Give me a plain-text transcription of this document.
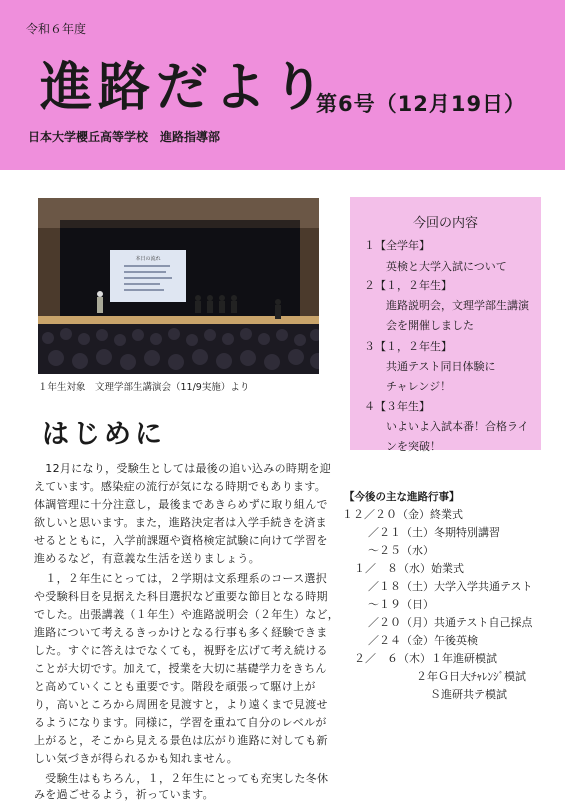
令和６年度
進路だより
第6号（12月19日）
日本大学櫻丘高等学校　進路指導部
本日の流れ
１年生対象　文理学部生講演会（11/9実施）より
今回の内容
１【全学年】
英検と大学入試について
２【１，２年生】
進路説明会，文理学部生講演
会を開催しました
３【１，２年生】
共通テスト同日体験に
チャレンジ！
４【３年生】
いよいよ入試本番！合格ライ
ンを突破！
はじめに
　12月になり，受験生としては最後の追い込みの時期を迎
えています。感染症の流行が気になる時期でもあります。
体調管理に十分注意し，最後まであきらめずに取り組んで
欲しいと思います。また，進路決定者は入学手続きを済ま
せるとともに，入学前課題や資格検定試験に向けて学習を
進めるなど，有意義な生活を送りましょう。
　１，２年生にとっては，２学期は文系理系のコース選択
や受験科目を見据えた科目選択など重要な節目となる時期
でした。出張講義（１年生）や進路説明会（２年生）など，
進路について考えるきっかけとなる行事も多く経験できま
した。すぐに答えはでなくても，視野を広げて考え続ける
ことが大切です。加えて，授業を大切に基礎学力をきちん
と高めていくことも重要です。階段を頑張って駆け上が
り，高いところから周囲を見渡すと，より遠くまで見渡せ
るようになります。同様に，学習を重ねて自分のレベルが
上がると，そこから見える景色は広がり進路に対しても新
しい気づきが得られるかも知れません。
　受験生はもちろん，１，２年生にとっても充実した冬休
みを過ごせるよう，祈っています。
【今後の主な進路行事】
１２／２０（金）終業式
／２１（土）冬期特別講習
～２５（水）
１／　８（水）始業式
／１８（土）大学入学共通テスト
～１９（日）
／２０（月）共通テスト自己採点
／２４（金）午後英検
２／　６（木）１年進研模試
２年Ｇ日大ﾁｬﾚﾝｼﾞ模試
Ｓ進研共テ模試
